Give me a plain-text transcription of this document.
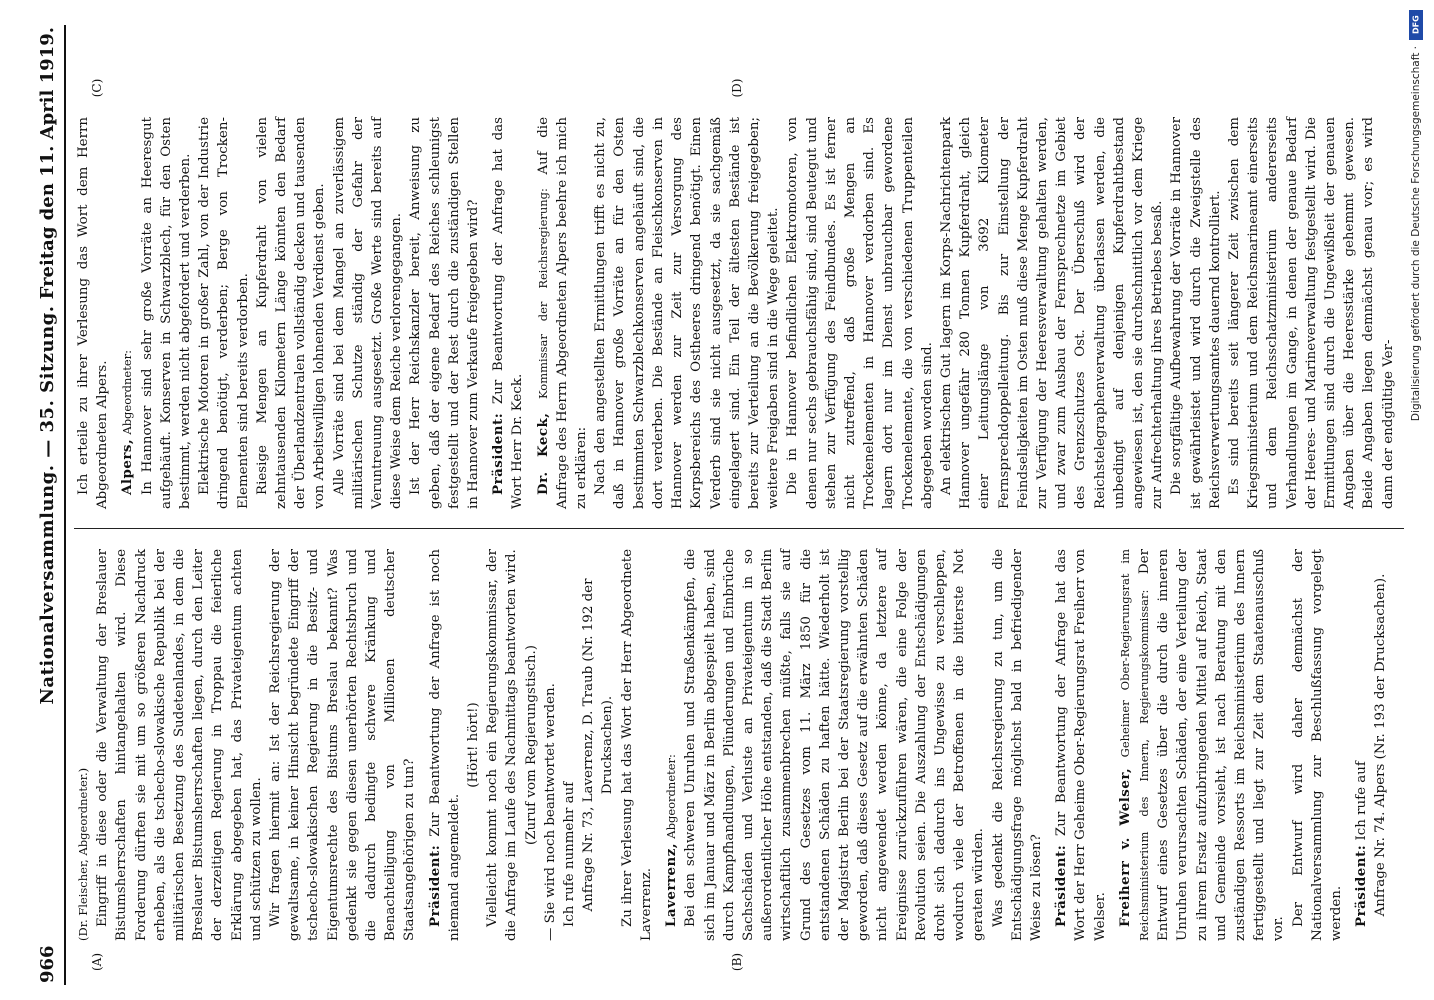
966
Nationalversammlung. — 35. Sitzung.
Freitag den 11. April 1919.
(A)	(B)
(C)	(D)

(Dr. Fleischer, Abgeordneter.) Eingriff in diese oder die Verwaltung der Breslauer Bistumsherrschaften hintangehalten wird. Diese Forderung dürften sie mit um so größeren Nachdruck erheben, als die tschecho-slowakische Republik bei der militärischen Besetzung des Sudetenlandes, in dem die Breslauer Bistumsherrschaften liegen, durch den Leiter der derzeitigen Regierung in Troppau die feierliche Erklärung abgegeben hat, das Privateigentum achten und schützen zu wollen. Wir fragen hiermit an: Ist der Reichsregierung der gewaltsame, in keiner Hinsicht begründete Eingriff der tschecho-slowakischen Regierung in die Besitz- und Eigentumsrechte des Bistums Breslau bekannt? Was gedenkt sie gegen diesen unerhörten Rechtsbruch und die dadurch bedingte schwere Kränkung und Benachteiligung von Millionen deutscher Staatsangehörigen zu tun? Präsident: Zur Beantwortung der Anfrage ist noch niemand angemeldet.

(Hört! hört!) Vielleicht kommt noch ein Regierungskommissar, der die Anfrage im Laufe des Nachmittags beantworten wird. (Zuruf vom Regierungstisch.) — Sie wird noch beantwortet werden. Ich rufe nunmehr auf Anfrage Nr. 73, Laverrenz, D. Traub (Nr. 192 der Drucksachen). Zu ihrer Verlesung hat das Wort der Herr Abgeordnete Laverrenz. Laverrenz, Abgeordneter: Bei den schweren Unruhen und Straßenkämpfen, die sich im Januar und März in Berlin abgespielt haben, sind durch Kampfhandlungen, Plünderungen und Einbrüche Sachschäden und Verluste an Privateigentum in so außerordentlicher Höhe entstanden, daß die Stadt Berlin wirtschaftlich zusammenbrechen müßte, falls sie auf Grund des Gesetzes vom 11. März 1850 für die entstandenen Schäden zu haften hätte. Wiederholt ist der Magistrat Berlin bei der Staatsregierung vorstellig geworden, daß dieses Gesetz auf die erwähnten Schäden nicht angewendet werden könne, da letztere auf Ereignisse zurückzuführen wären, die eine Folge der Revolution seien. Die Auszahlung der Entschädigungen droht sich dadurch ins Ungewisse zu verschleppen, wodurch viele der Betroffenen in die bitterste Not geraten würden. Was gedenkt die Reichsregierung zu tun, um die Entschädigungsfrage möglichst bald in befriedigender Weise zu lösen? Präsident: Zur Beantwortung der Anfrage hat das Wort der Herr Geheime Ober-Regierungsrat Freiherr von Welser. Freiherr v. Welser, Geheimer Ober-Regierungsrat im Reichsministerium des Innern, Regierungskommissar: Der Entwurf eines Gesetzes über die durch die inneren Unruhen verursachten Schäden, der eine Verteilung der zu ihrem Ersatz aufzubringenden Mittel auf Reich, Staat und Gemeinde vorsieht, ist nach Beratung mit den zuständigen Ressorts im Reichsministerium des Innern fertiggestellt und liegt zur Zeit dem Staatenausschuß vor.

Der Entwurf wird daher demnächst der Nationalversammlung zur Beschlußfassung vorgelegt werden. Präsident: Ich rufe auf Anfrage Nr. 74. Alpers (Nr. 193 der Drucksachen).

Ich erteile zu ihrer Verlesung das Wort dem Herrn Abgeordneten Alpers. Alpers, Abgeordneter: In Hannover sind sehr große Vorräte an Heeresgut aufgehäuft. Konserven in Schwarzblech, für den Osten bestimmt, werden nicht abgefordert und verderben. Elektrische Motoren in großer Zahl, von der Industrie dringend benötigt, verderben; Berge von Trocken-Elementen sind bereits verdorben. Riesige Mengen an Kupferdraht von vielen zehntausenden Kilometern Länge könnten den Bedarf der Überlandzentralen vollständig decken und tausenden von Arbeitswilligen lohnenden Verdienst geben. Alle Vorräte sind bei dem Mangel an zuverlässigem militärischen Schutze ständig der Gefahr der Veruntreuung ausgesetzt. Große Werte sind bereits auf diese Weise dem Reiche verlorengegangen. Ist der Herr Reichskanzler bereit, Anweisung zu geben, daß der eigene Bedarf des Reiches schleunigst festgestellt und der Rest durch die zuständigen Stellen in Hannover zum Verkaufe freigegeben wird? Präsident: Zur Beantwortung der Anfrage hat das Wort Herr Dr. Keck. Dr. Keck, Kommissar der Reichsregierung: Auf die Anfrage des Herrn Abgeordneten Alpers beehre ich mich zu erklären: Nach den angestellten Ermittlungen trifft es nicht zu, daß in Hannover große Vorräte an für den Osten bestimmten Schwarzblechkonserven angehäuft sind, die dort verderben. Die Bestände an Fleischkonserven in Hannover werden zur Zeit zur Versorgung des Korpsbereichs des Ostheeres dringend benötigt. Einen Verderb sind sie nicht ausgesetzt, da sie sachgemäß eingelagert sind. Ein Teil der ältesten Bestände ist bereits zur Verteilung an die Bevölkerung freigegeben; weitere Freigaben sind in die Wege geleitet. Die in Hannover befindlichen Elektromotoren, von denen nur sechs gebrauchsfähig sind, sind Beutegut und stehen zur Verfügung des Feindbundes. Es ist ferner nicht zutreffend, daß große Mengen an Trockenelementen in Hannover verdorben sind. Es lagern dort nur im Dienst unbrauchbar gewordene Trockenelemente, die von verschiedenen Truppenteilen abgegeben worden sind. An elektrischem Gut lagern im Korps-Nachrichtenpark Hannover ungefähr 280 Tonnen Kupferdraht, gleich einer Leitungslänge von 3692 Kilometer Fernsprechdoppelleitung. Bis zur Einstellung der Feindseligkeiten im Osten muß diese Menge Kupferdraht zur Verfügung der Heeresverwaltung gehalten werden, und zwar zum Ausbau der Fernsprechnetze im Gebiet des Grenzschutzes Ost. Der Überschuß wird der Reichstelegraphenverwaltung überlassen werden, die unbedingt auf denjenigen Kupferdrahtbestand angewiesen ist, den sie durchschnittlich vor dem Kriege zur Aufrechterhaltung ihres Betriebes besaß. Die sorgfältige Aufbewahrung der Vorräte in Hannover ist gewährleistet und wird durch die Zweigstelle des Reichsverwertungsamtes dauernd kontrolliert. Es sind bereits seit längerer Zeit zwischen dem Kriegsministerium und dem Reichsmarineamt einerseits und dem Reichsschatzministerium andererseits Verhandlungen im Gange, in denen der genaue Bedarf der Heeres- und Marineverwaltung festgestellt wird. Die Ermittlungen sind durch die Ungewißheit der genauen Angaben über die Heeresstärke gehemmt gewesen. Beide Angaben liegen demnächst genau vor; es wird dann der endgültige Ver-

DFG
Digitalisierung gefördert durch die Deutsche Forschungsgemeinschaft ·
